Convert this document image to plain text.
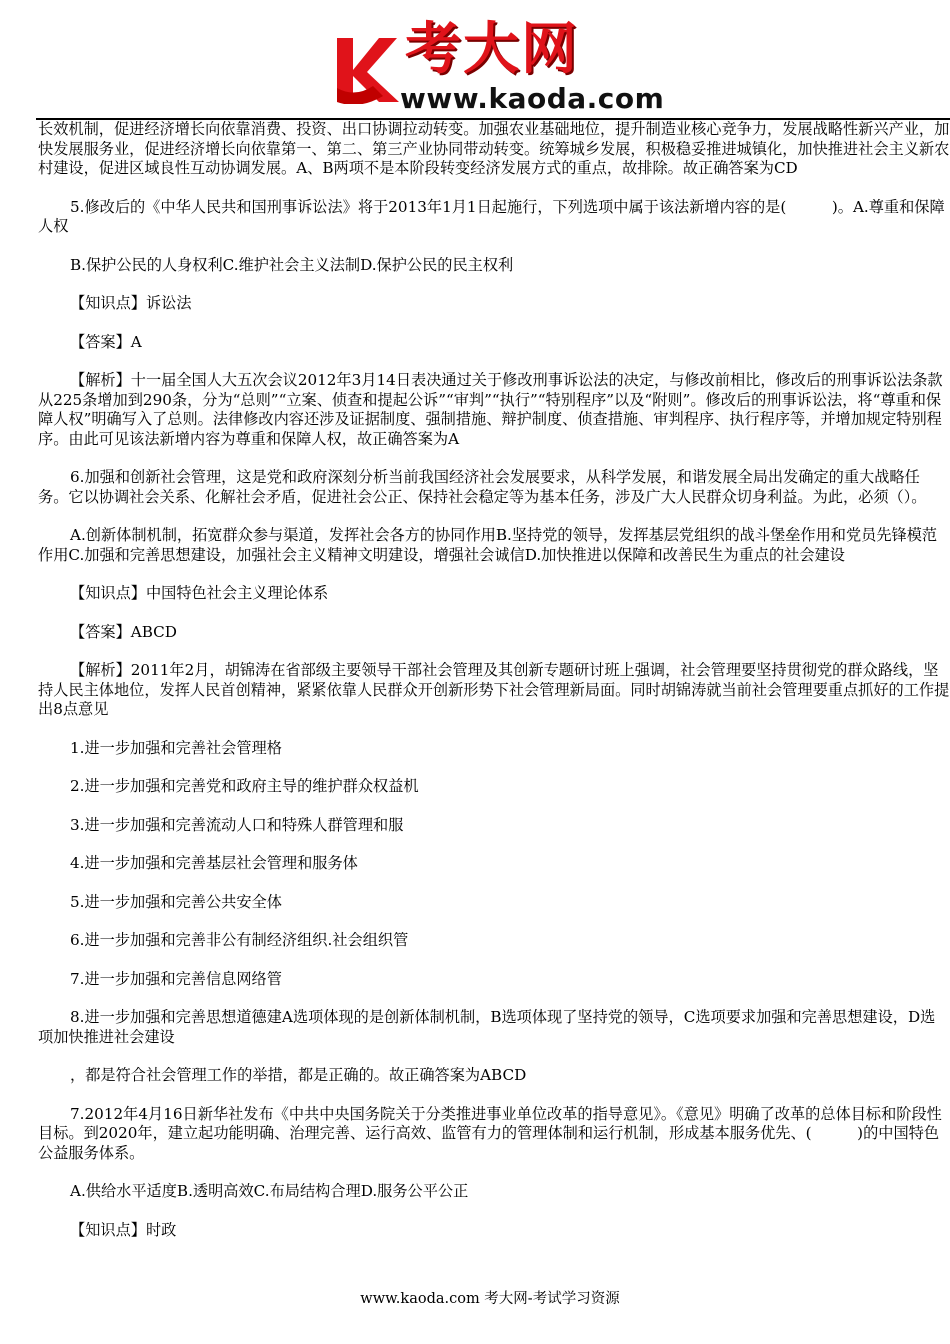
考大网
www.kaoda.com

长效机制，促进经济增长向依靠消费、投资、出口协调拉动转变。加强农业基础地位，提升制造业核心竞争力，发展战略性新兴产业，加快发展服务业，促进经济增长向依靠第一、第二、第三产业协同带动转变。统筹城乡发展，积极稳妥推进城镇化，加快推进社会主义新农村建设，促进区域良性互动协调发展。A、B两项不是本阶段转变经济发展方式的重点，故排除。故正确答案为CD

5.修改后的《中华人民共和国刑事诉讼法》将于2013年1月1日起施行，下列选项中属于该法新增内容的是(　　　)。A.尊重和保障人权

B.保护公民的人身权利C.维护社会主义法制D.保护公民的民主权利

【知识点】诉讼法

【答案】A

【解析】十一届全国人大五次会议2012年3月14日表决通过关于修改刑事诉讼法的决定，与修改前相比，修改后的刑事诉讼法条款从225条增加到290条，分为“总则”“立案、侦查和提起公诉”“审判”“执行”“特别程序”以及“附则”。修改后的刑事诉讼法，将“尊重和保障人权”明确写入了总则。法律修改内容还涉及证据制度、强制措施、辩护制度、侦查措施、审判程序、执行程序等，并增加规定特别程序。由此可见该法新增内容为尊重和保障人权，故正确答案为A

6.加强和创新社会管理，这是党和政府深刻分析当前我国经济社会发展要求，从科学发展，和谐发展全局出发确定的重大战略任务。它以协调社会关系、化解社会矛盾，促进社会公正、保持社会稳定等为基本任务，涉及广大人民群众切身利益。为此，必须（）。

A.创新体制机制，拓宽群众参与渠道，发挥社会各方的协同作用B.坚持党的领导，发挥基层党组织的战斗堡垒作用和党员先锋模范作用C.加强和完善思想建设，加强社会主义精神文明建设，增强社会诚信D.加快推进以保障和改善民生为重点的社会建设

【知识点】中国特色社会主义理论体系

【答案】ABCD

【解析】2011年2月，胡锦涛在省部级主要领导干部社会管理及其创新专题研讨班上强调，社会管理要坚持贯彻党的群众路线，坚持人民主体地位，发挥人民首创精神，紧紧依靠人民群众开创新形势下社会管理新局面。同时胡锦涛就当前社会管理要重点抓好的工作提出8点意见

1.进一步加强和完善社会管理格

2.进一步加强和完善党和政府主导的维护群众权益机

3.进一步加强和完善流动人口和特殊人群管理和服

4.进一步加强和完善基层社会管理和服务体

5.进一步加强和完善公共安全体

6.进一步加强和完善非公有制经济组织.社会组织管

7.进一步加强和完善信息网络管

8.进一步加强和完善思想道德建A选项体现的是创新体制机制，B选项体现了坚持党的领导，C选项要求加强和完善思想建设，D选项加快推进社会建设

，都是符合社会管理工作的举措，都是正确的。故正确答案为ABCD

7.2012年4月16日新华社发布《中共中央国务院关于分类推进事业单位改革的指导意见》。《意见》明确了改革的总体目标和阶段性目标。到2020年，建立起功能明确、治理完善、运行高效、监管有力的管理体制和运行机制，形成基本服务优先、(　　　)的中国特色公益服务体系。

A.供给水平适度B.透明高效C.布局结构合理D.服务公平公正

【知识点】时政

www.kaoda.com 考大网-考试学习资源
